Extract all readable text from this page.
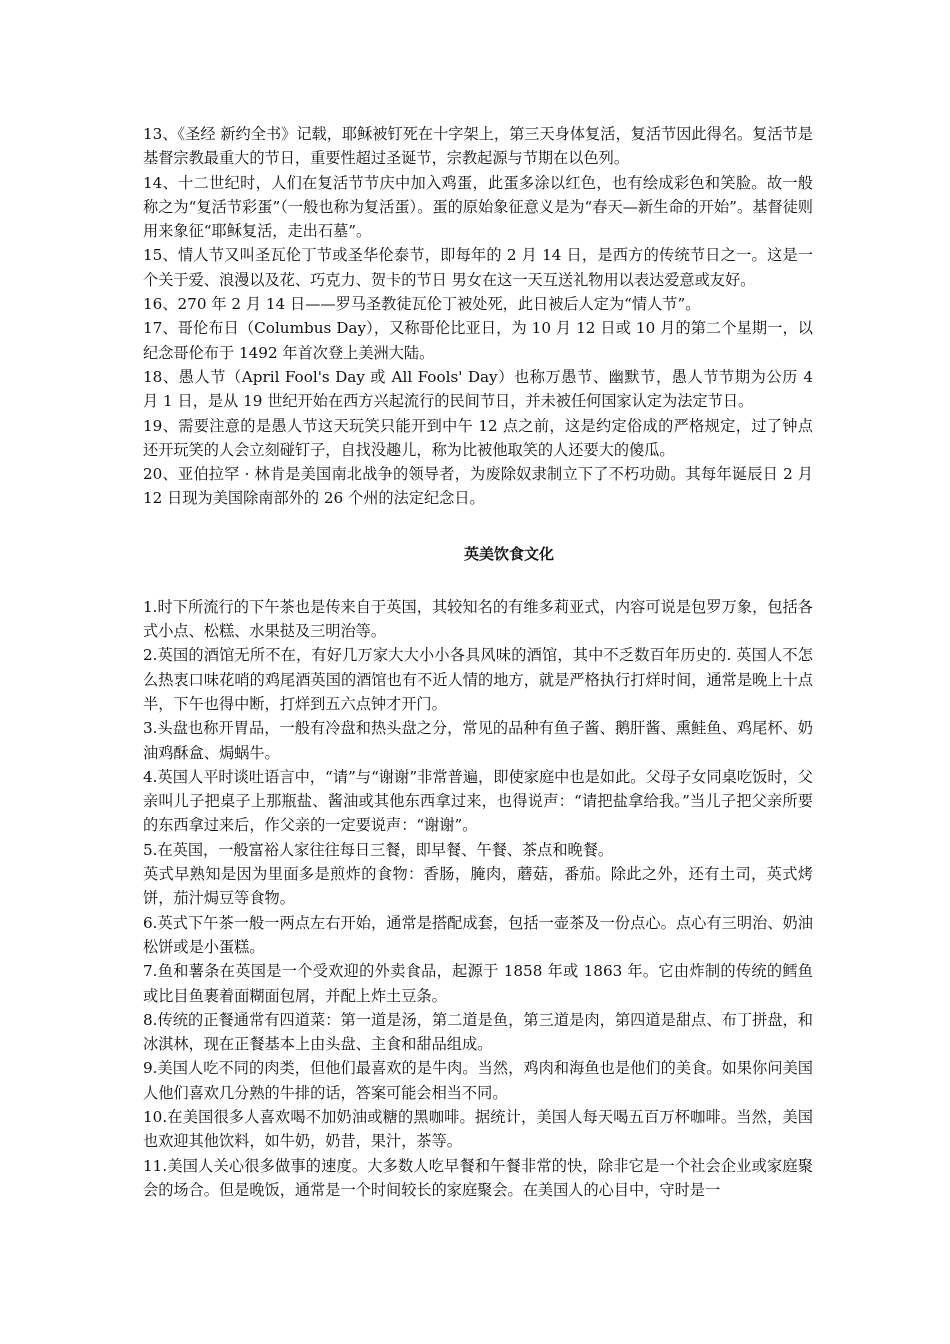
13、《圣经 新约全书》记载，耶稣被钉死在十字架上，第三天身体复活，复活节因此得名。复活节是基督宗教最重大的节日，重要性超过圣诞节，宗教起源与节期在以色列。

14、十二世纪时，人们在复活节节庆中加入鸡蛋，此蛋多涂以红色，也有绘成彩色和笑脸。故一般称之为“复活节彩蛋”（一般也称为复活蛋）。蛋的原始象征意义是为“春天—新生命的开始”。基督徒则用来象征“耶稣复活，走出石墓”。

15、情人节又叫圣瓦伦丁节或圣华伦泰节，即每年的 2 月 14 日，是西方的传统节日之一。这是一个关于爱、浪漫以及花、巧克力、贺卡的节日 男女在这一天互送礼物用以表达爱意或友好。

16、270 年 2 月 14 日——罗马圣教徒瓦伦丁被处死，此日被后人定为“情人节”。

17、哥伦布日（Columbus Day），又称哥伦比亚日，为 10 月 12 日或 10 月的第二个星期一，以纪念哥伦布于 1492 年首次登上美洲大陆。

18、愚人节（April Fool's Day 或 All Fools' Day）也称万愚节、幽默节，愚人节节期为公历 4 月 1 日，是从 19 世纪开始在西方兴起流行的民间节日，并未被任何国家认定为法定节日。

19、需要注意的是愚人节这天玩笑只能开到中午 12 点之前，这是约定俗成的严格规定，过了钟点还开玩笑的人会立刻碰钉子，自找没趣儿，称为比被他取笑的人还要大的傻瓜。

20、亚伯拉罕 · 林肯是美国南北战争的领导者，为废除奴隶制立下了不朽功勋。其每年诞辰日 2 月 12 日现为美国除南部外的 26 个州的法定纪念日。

英美饮食文化

1.时下所流行的下午茶也是传来自于英国，其较知名的有维多莉亚式，内容可说是包罗万象，包括各式小点、松糕、水果挞及三明治等。

2.英国的酒馆无所不在，有好几万家大大小小各具风味的酒馆，其中不乏数百年历史的. 英国人不怎么热衷口味花哨的鸡尾酒英国的酒馆也有不近人情的地方，就是严格执行打烊时间，通常是晚上十点半，下午也得中断，打烊到五六点钟才开门。

3.头盘也称开胃品，一般有冷盘和热头盘之分，常见的品种有鱼子酱、鹅肝酱、熏鲑鱼、鸡尾杯、奶油鸡酥盒、焗蜗牛。

4.英国人平时谈吐语言中，“请”与“谢谢”非常普遍，即使家庭中也是如此。父母子女同桌吃饭时，父亲叫儿子把桌子上那瓶盐、酱油或其他东西拿过来，也得说声：“请把盐拿给我。”当儿子把父亲所要的东西拿过来后，作父亲的一定要说声：“谢谢”。

5.在英国，一般富裕人家往往每日三餐，即早餐、午餐、茶点和晚餐。

英式早熟知是因为里面多是煎炸的食物：香肠，腌肉，蘑菇，番茄。除此之外，还有土司，英式烤饼，茄汁焗豆等食物。

6.英式下午茶一般一两点左右开始，通常是搭配成套，包括一壶茶及一份点心。点心有三明治、奶油松饼或是小蛋糕。

7.鱼和薯条在英国是一个受欢迎的外卖食品，起源于 1858 年或 1863 年。它由炸制的传统的鳕鱼或比目鱼裹着面糊面包屑，并配上炸土豆条。

8.传统的正餐通常有四道菜：第一道是汤，第二道是鱼，第三道是肉，第四道是甜点、布丁拼盘，和冰淇林，现在正餐基本上由头盘、主食和甜品组成。

9.美国人吃不同的肉类，但他们最喜欢的是牛肉。当然，鸡肉和海鱼也是他们的美食。如果你问美国人他们喜欢几分熟的牛排的话，答案可能会相当不同。

10.在美国很多人喜欢喝不加奶油或糖的黑咖啡。据统计，美国人每天喝五百万杯咖啡。当然，美国也欢迎其他饮料，如牛奶，奶昔，果汁，茶等。

11.美国人关心很多做事的速度。大多数人吃早餐和午餐非常的快，除非它是一个社会企业或家庭聚会的场合。但是晚饭，通常是一个时间较长的家庭聚会。在美国人的心目中，守时是一
